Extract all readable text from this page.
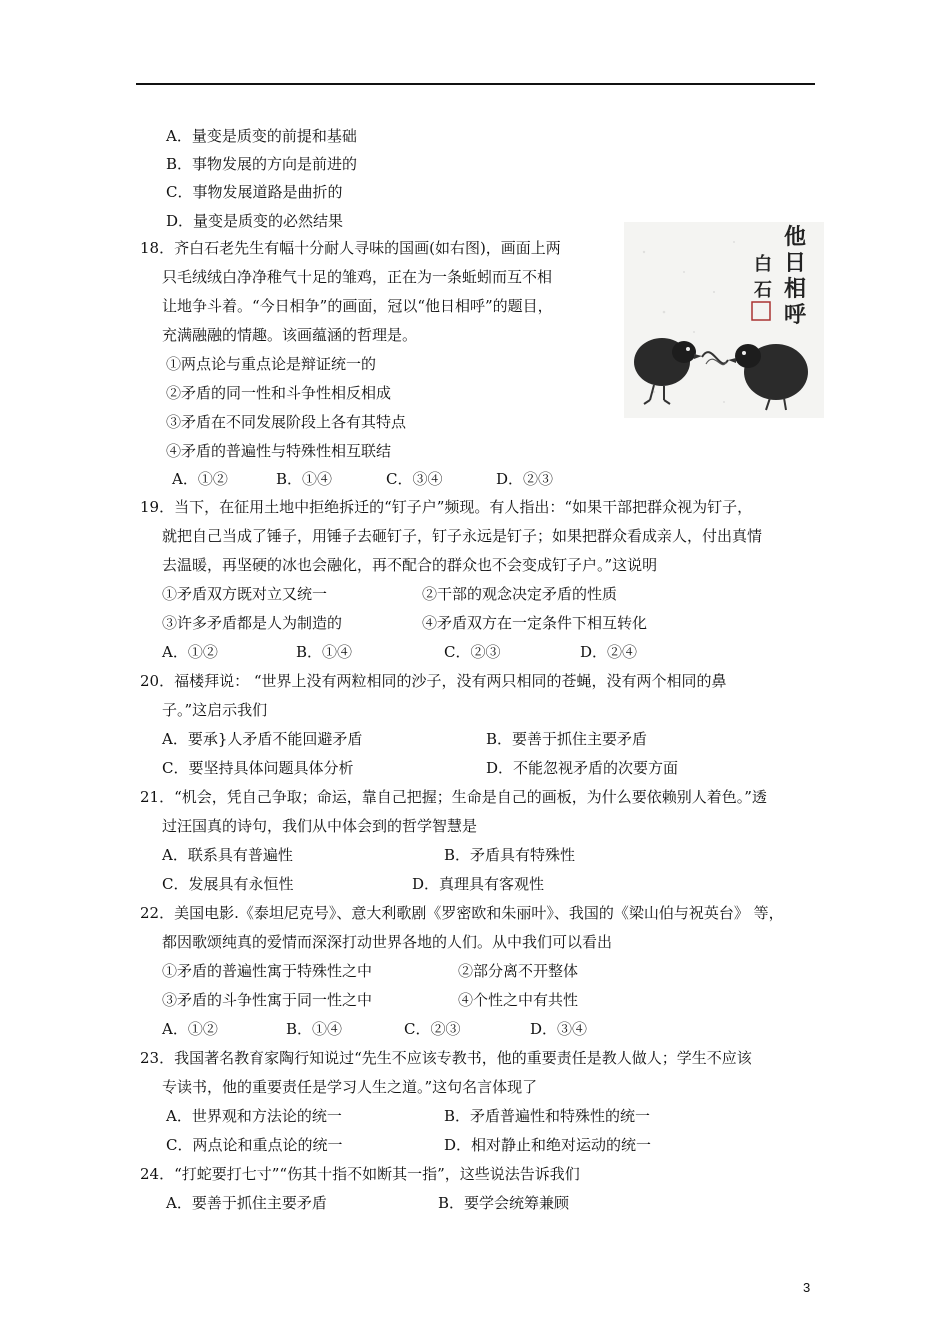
A．量变是质变的前提和基础
B．事物发展的方向是前进的
C．事物发展道路是曲折的
D．量变是质变的必然结果
18．齐白石老先生有幅十分耐人寻味的国画(如右图)，画面上两
只毛绒绒白净净稚气十足的雏鸡，正在为一条蚯蚓而互不相
让地争斗着。“今日相争”的画面，冠以“他日相呼”的题目，
充满融融的情趣。该画蕴涵的哲理是。
①两点论与重点论是辩证统一的
②矛盾的同一性和斗争性相反相成
③矛盾在不同发展阶段上各有其特点
④矛盾的普遍性与特殊性相互联结
A．①②	B．①④	C．③④	D．②③
他
日
相
呼
白
石
19．当下，在征用土地中拒绝拆迁的“钉子户”频现。有人指出：“如果干部把群众视为钉子，
就把自己当成了锤子，用锤子去砸钉子，钉子永远是钉子；如果把群众看成亲人，付出真情
去温暖，再坚硬的冰也会融化，再不配合的群众也不会变成钉子户。”这说明
①矛盾双方既对立又统一	②干部的观念决定矛盾的性质
③许多矛盾都是人为制造的	④矛盾双方在一定条件下相互转化
A．①②	B．①④	C．②③	D．②④
20．福楼拜说： “世界上没有两粒相同的沙子，没有两只相同的苍蝇，没有两个相同的鼻
子。”这启示我们
A．要承}人矛盾不能回避矛盾	B．要善于抓住主要矛盾
C．要坚持具体问题具体分析	D．不能忽视矛盾的次要方面
21．“机会，凭自己争取；命运，靠自己把握；生命是自己的画板，为什么要依赖别人着色。”透
过汪国真的诗句，我们从中体会到的哲学智慧是
A．联系具有普遍性	B．矛盾具有特殊性
C．发展具有永恒性	D．真理具有客观性
22．美国电影.《泰坦尼克号》、意大利歌剧《罗密欧和朱丽叶》、我国的《梁山伯与祝英台》 等，
都因歌颂纯真的爱情而深深打动世界各地的人们。从中我们可以看出
①矛盾的普遍性寓于特殊性之中	②部分离不开整体
③矛盾的斗争性寓于同一性之中	④个性之中有共性
A．①②	B．①④	C．②③	D．③④
23．我国著名教育家陶行知说过“先生不应该专教书，他的重要责任是教人做人；学生不应该
专读书，他的重要责任是学习人生之道。”这句名言体现了
A．世界观和方法论的统一	B．矛盾普遍性和特殊性的统一
C．两点论和重点论的统一	D．相对静止和绝对运动的统一
24．“打蛇要打七寸”“伤其十指不如断其一指”，这些说法告诉我们
A．要善于抓住主要矛盾	B．要学会统筹兼顾
3
